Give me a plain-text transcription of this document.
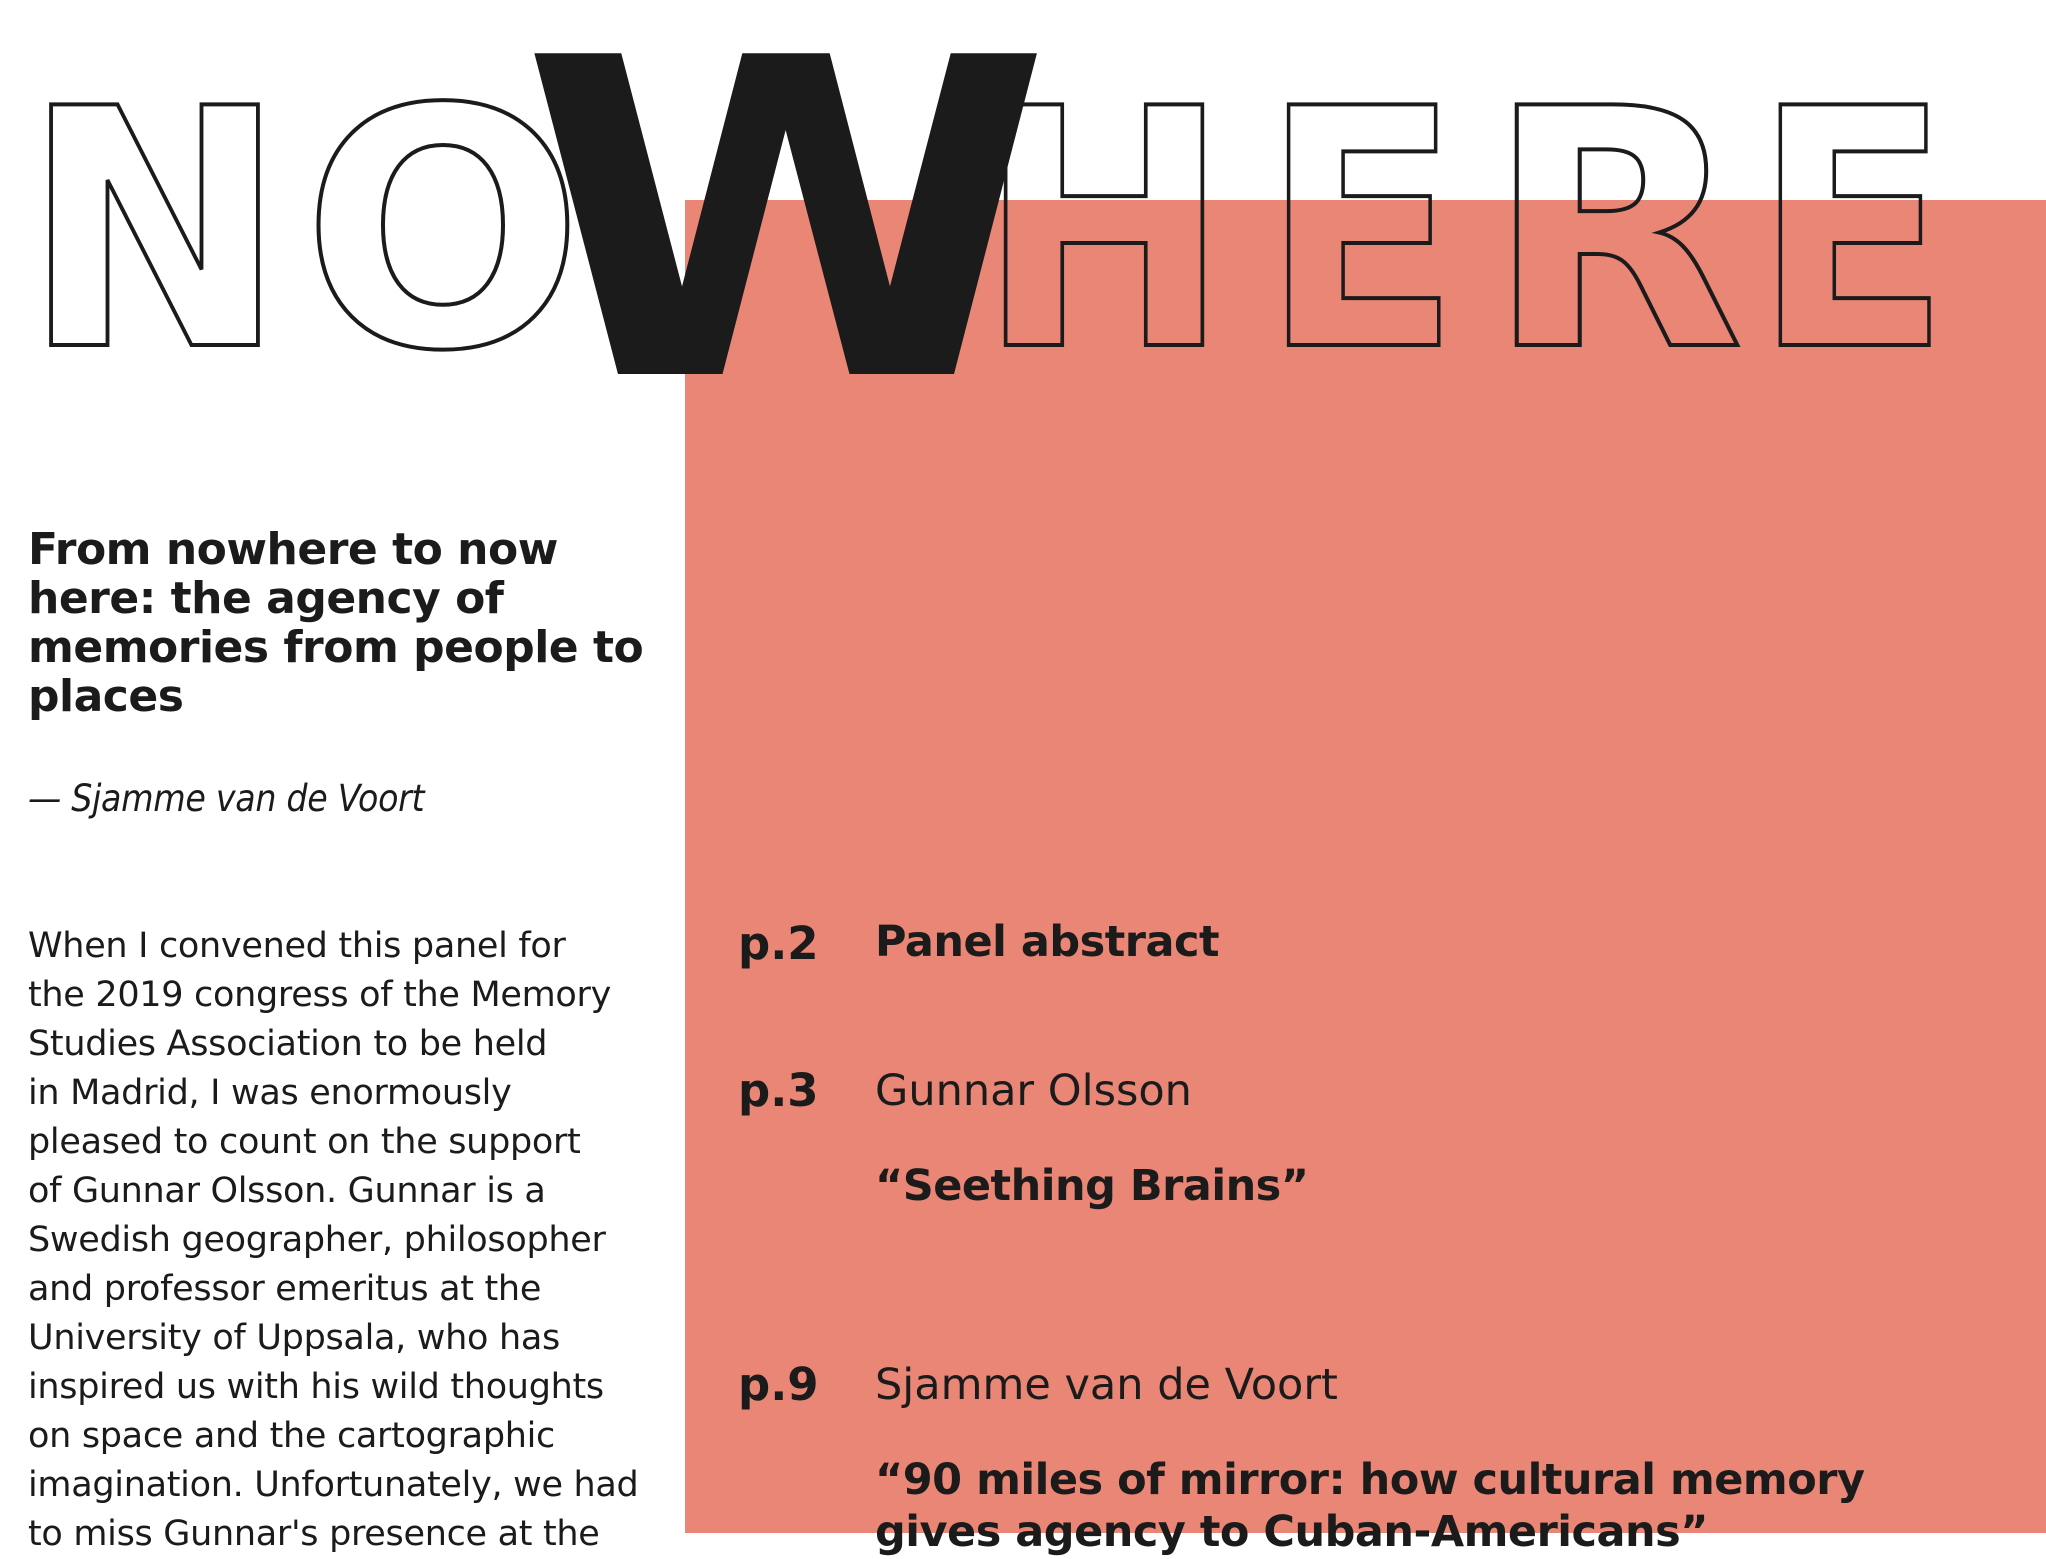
N O
W
H E R E
From nowhere to now here: the agency of memories from people to places

— Sjamme van de Voort

When I convened this panel for
the 2019 congress of the Memory
Studies Association to be held
in Madrid, I was enormously
pleased to count on the support
of Gunnar Olsson. Gunnar is a
Swedish geographer, philosopher
and professor emeritus at the
University of Uppsala, who has
inspired us with his wild thoughts
on space and the cartographic
imagination. Unfortunately, we had
to miss Gunnar's presence at the

p.2 Panel abstract
p.3 Gunnar Olsson
“Seething Brains”
p.9 Sjamme van de Voort
“90 miles of mirror: how cultural memory
gives agency to Cuban-Americans”
